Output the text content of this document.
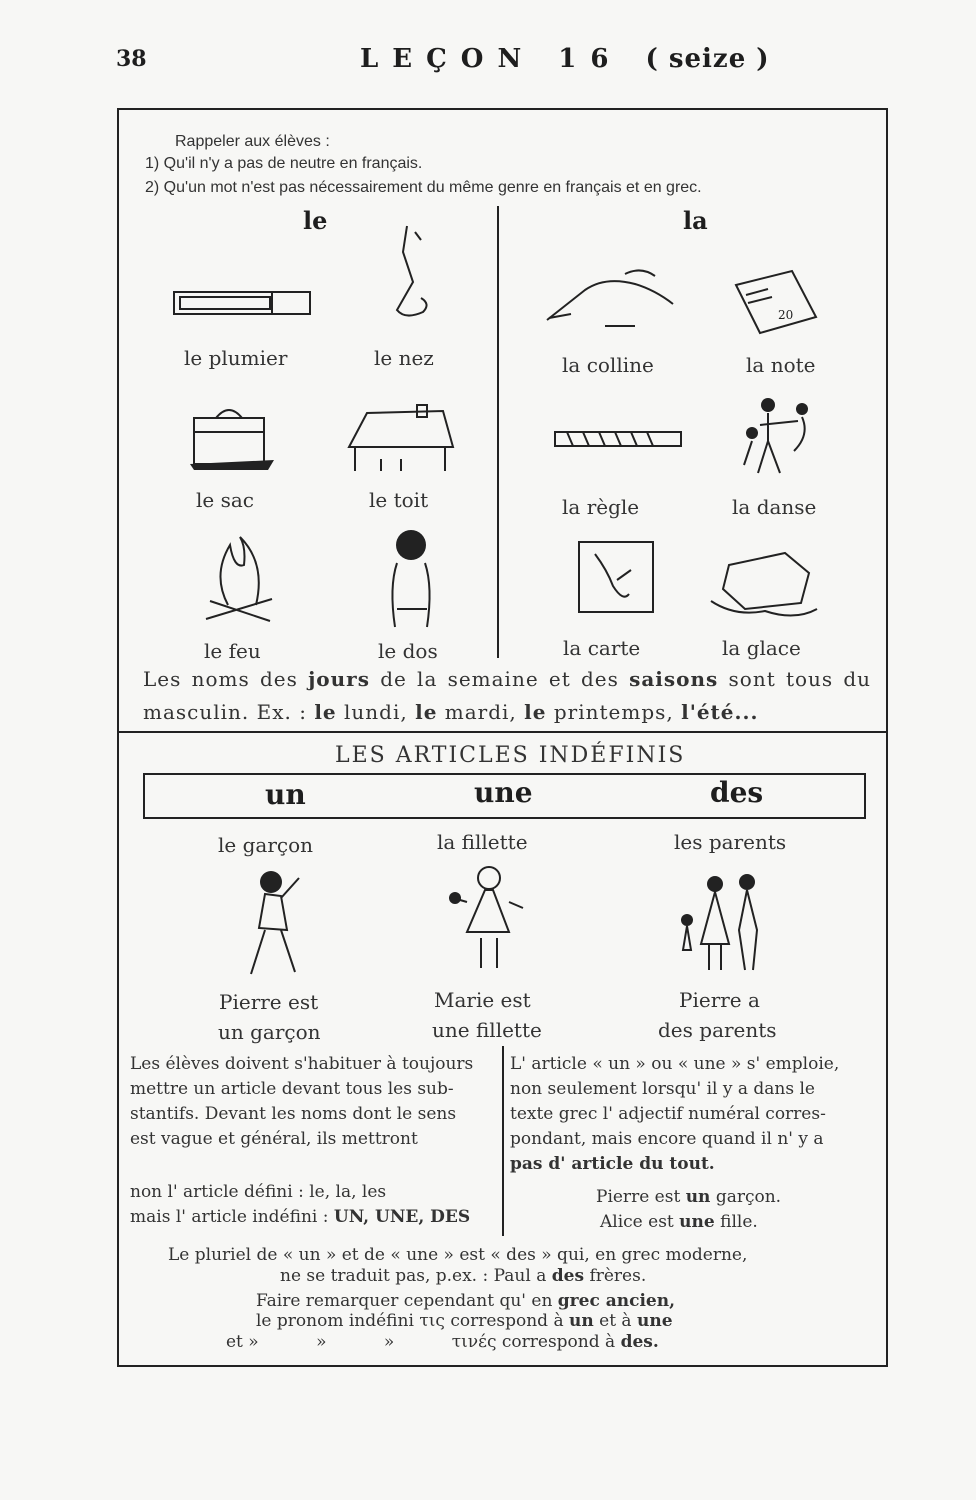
38	LEÇON 16 ( seize )
Rappeler aux élèves :
1) Qu'il n'y a pas de neutre en français.
2) Qu'un mot n'est pas nécessairement du même genre en français et en grec.
le	la
le plumier	le nez
le sac	le toit
le feu	le dos
20
la colline	la note
la règle	la danse
la carte	la glace
Les noms des jours de la semaine et des saisons sont tous du
masculin. Ex. : le lundi, le mardi, le printemps, l'été...
LES ARTICLES INDÉFINIS
un	une	des
le garçon	la fillette	les parents
Pierre est
un garçon
Marie est
une fillette
Pierre a
des parents
Les élèves doivent s'habituer à toujours
mettre un article devant tous les sub-
stantifs. Devant les noms dont le sens
est vague et général, ils mettront
non l' article défini : le, la, les
mais l' article indéfini : UN, UNE, DES
L' article « un » ou « une » s' emploie,
non seulement lorsqu' il y a dans le
texte grec l' adjectif numéral corres-
pondant, mais encore quand il n' y a
pas d' article du tout.
Pierre est un garçon.
Alice est une fille.
Le pluriel de « un » et de « une » est « des » qui, en grec moderne,
ne se traduit pas, p.ex. : Paul a des frères.
Faire remarquer cependant qu' en grec ancien,
le pronom indéfini τις correspond à un et à une
et »	»	»	τινές correspond à des.
